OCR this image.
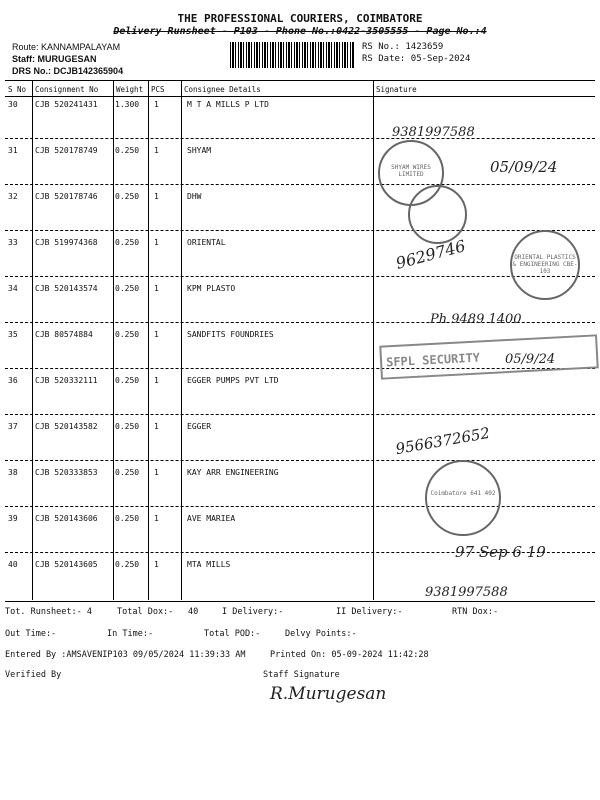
THE PROFESSIONAL COURIERS, COIMBATORE
Delivery Runsheet - P103 - Phone No.:0422-3505555 - Page No.:4
Route: KANNAMPALAYAM
Staff: MURUGESAN
DRS No.: DCJB142365904
RS No.: 1423659
RS Date: 05-Sep-2024
S No Consignment No Weight PCS	Consignee Details	Signature
30 CJB 520241431 1.300 1	M T A MILLS P LTD
31 CJB 520178749 0.250 1	SHYAM
32 CJB 520178746 0.250 1	DHW
33 CJB 519974368 0.250 1	ORIENTAL
34 CJB 520143574 0.250 1	KPM PLASTO
35 CJB 80574884	0.250 1	SANDFITS FOUNDRIES
36 CJB 520332111 0.250 1	EGGER PUMPS PVT LTD
37 CJB 520143582 0.250 1	EGGER
38 CJB 520333853 0.250 1	KAY ARR ENGINEERING
39 CJB 520143606 0.250 1	AVE MARIEA
40 CJB 520143605 0.250 1	MTA MILLS
SHYAM WIRES LIMITED
ORIENTAL PLASTICS & ENGINEERING CBE-103
SFPL SECURITY
Coimbatore 641 402
9381997588
05/09/24
9629746
Ph 9489 1400
05/9/24
9566372652
97 Sep 6 19
9381997588
Tot. Runsheet:- 4	Total Dox:- 40	I Delivery:-	II Delivery:-	RTN Dox:-
Out Time:-	In Time:-	Total POD:-	Delvy Points:-
Entered By :AMSAVENIP103 09/05/2024 11:39:33 AM	Printed On: 05-09-2024 11:42:28
Verified By	Staff Signature
R.Murugesan
